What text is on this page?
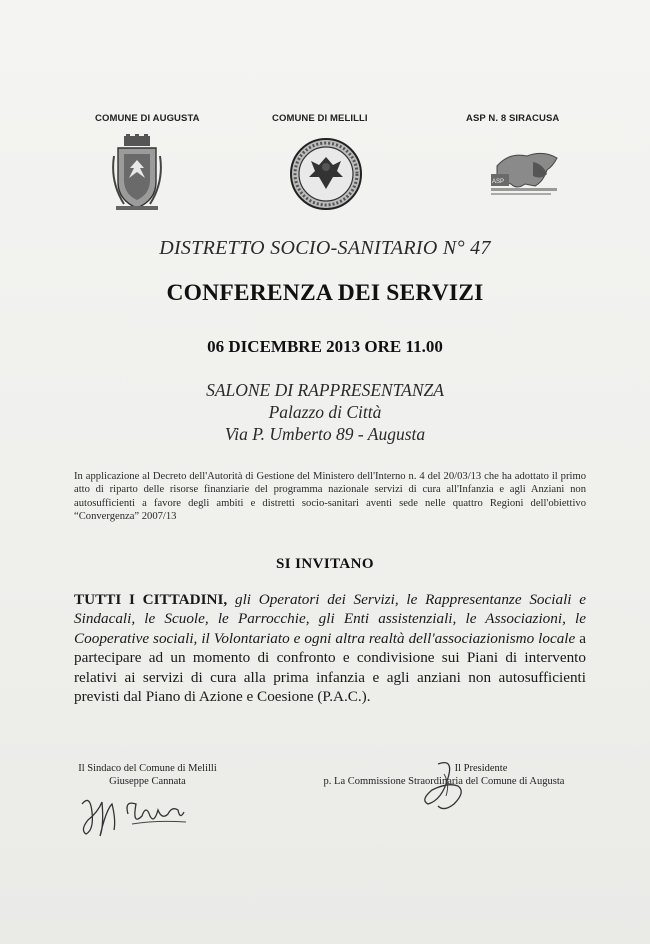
COMUNE DI AUGUSTA	COMUNE DI MELILLI	ASP N. 8 SIRACUSA
ASP
DISTRETTO SOCIO-SANITARIO N° 47
CONFERENZA DEI SERVIZI
06 DICEMBRE 2013 ORE 11.00
SALONE DI RAPPRESENTANZA
Palazzo di Città
Via P. Umberto 89 - Augusta
In applicazione al Decreto dell'Autorità di Gestione del Ministero dell'Interno n. 4 del 20/03/13 che ha adottato il primo atto di riparto delle risorse finanziarie del programma nazionale servizi di cura all'Infanzia e agli Anziani non autosufficienti a favore degli ambiti e distretti socio-sanitari aventi sede nelle quattro Regioni dell'obiettivo “Convergenza” 2007/13
SI INVITANO
TUTTI I CITTADINI, gli Operatori dei Servizi, le Rappresentanze Sociali e Sindacali, le Scuole, le Parrocchie, gli Enti assistenziali, le Associazioni, le Cooperative sociali, il Volontariato e ogni altra realtà dell'associazionismo locale a partecipare ad un momento di confronto e condivisione sui Piani di intervento relativi ai servizi di cura alla prima infanzia e agli anziani non autosufficienti previsti dal Piano di Azione e Coesione (P.A.C.).
Il Sindaco del Comune di Melilli
Giuseppe Cannata
Il Presidente
p. La Commissione Straordinaria del Comune di Augusta
